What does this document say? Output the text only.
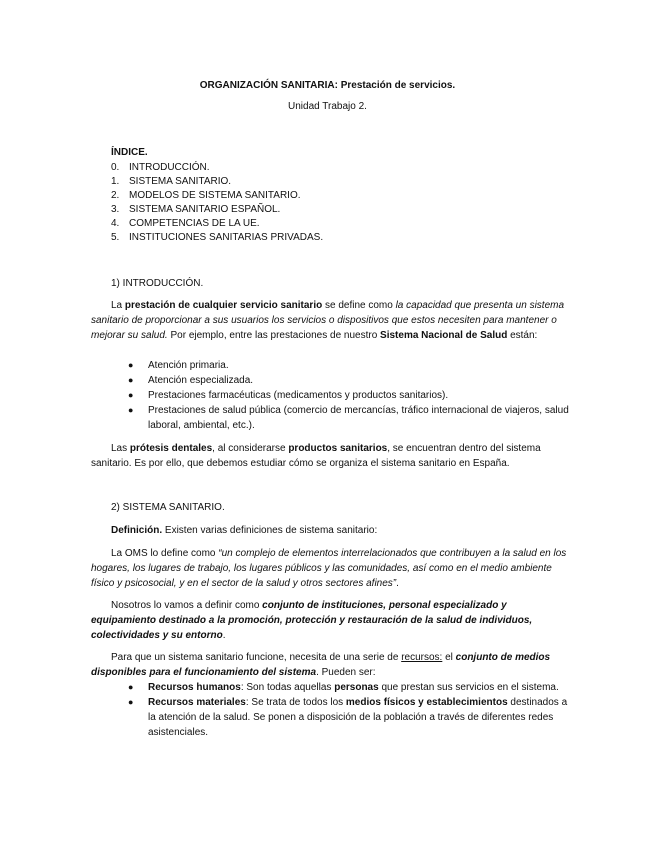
ORGANIZACIÓN SANITARIA: Prestación de servicios.
Unidad Trabajo 2.
ÍNDICE.
0. INTRODUCCIÓN.
1. SISTEMA SANITARIO.
2. MODELOS DE SISTEMA SANITARIO.
3. SISTEMA SANITARIO ESPAÑOL.
4. COMPETENCIAS DE LA UE.
5. INSTITUCIONES SANITARIAS PRIVADAS.
1) INTRODUCCIÓN.

La prestación de cualquier servicio sanitario se define como la capacidad que presenta un sistema sanitario de proporcionar a sus usuarios los servicios o dispositivos que estos necesiten para mantener o mejorar su salud. Por ejemplo, entre las prestaciones de nuestro Sistema Nacional de Salud están:

● Atención primaria.
● Atención especializada.
● Prestaciones farmacéuticas (medicamentos y productos sanitarios).
● Prestaciones de salud pública (comercio de mercancías, tráfico internacional de viajeros, salud laboral, ambiental, etc.).

Las prótesis dentales, al considerarse productos sanitarios, se encuentran dentro del sistema sanitario. Es por ello, que debemos estudiar cómo se organiza el sistema sanitario en España.

2) SISTEMA SANITARIO.

Definición. Existen varias definiciones de sistema sanitario:

La OMS lo define como “un complejo de elementos interrelacionados que contribuyen a la salud en los hogares, los lugares de trabajo, los lugares públicos y las comunidades, así como en el medio ambiente físico y psicosocial, y en el sector de la salud y otros sectores afines”.

Nosotros lo vamos a definir como conjunto de instituciones, personal especializado y equipamiento destinado a la promoción, protección y restauración de la salud de individuos, colectividades y su entorno.

Para que un sistema sanitario funcione, necesita de una serie de recursos: el conjunto de medios disponibles para el funcionamiento del sistema. Pueden ser:

● Recursos humanos: Son todas aquellas personas que prestan sus servicios en el sistema.
● Recursos materiales: Se trata de todos los medios físicos y establecimientos destinados a la atención de la salud. Se ponen a disposición de la población a través de diferentes redes asistenciales.
